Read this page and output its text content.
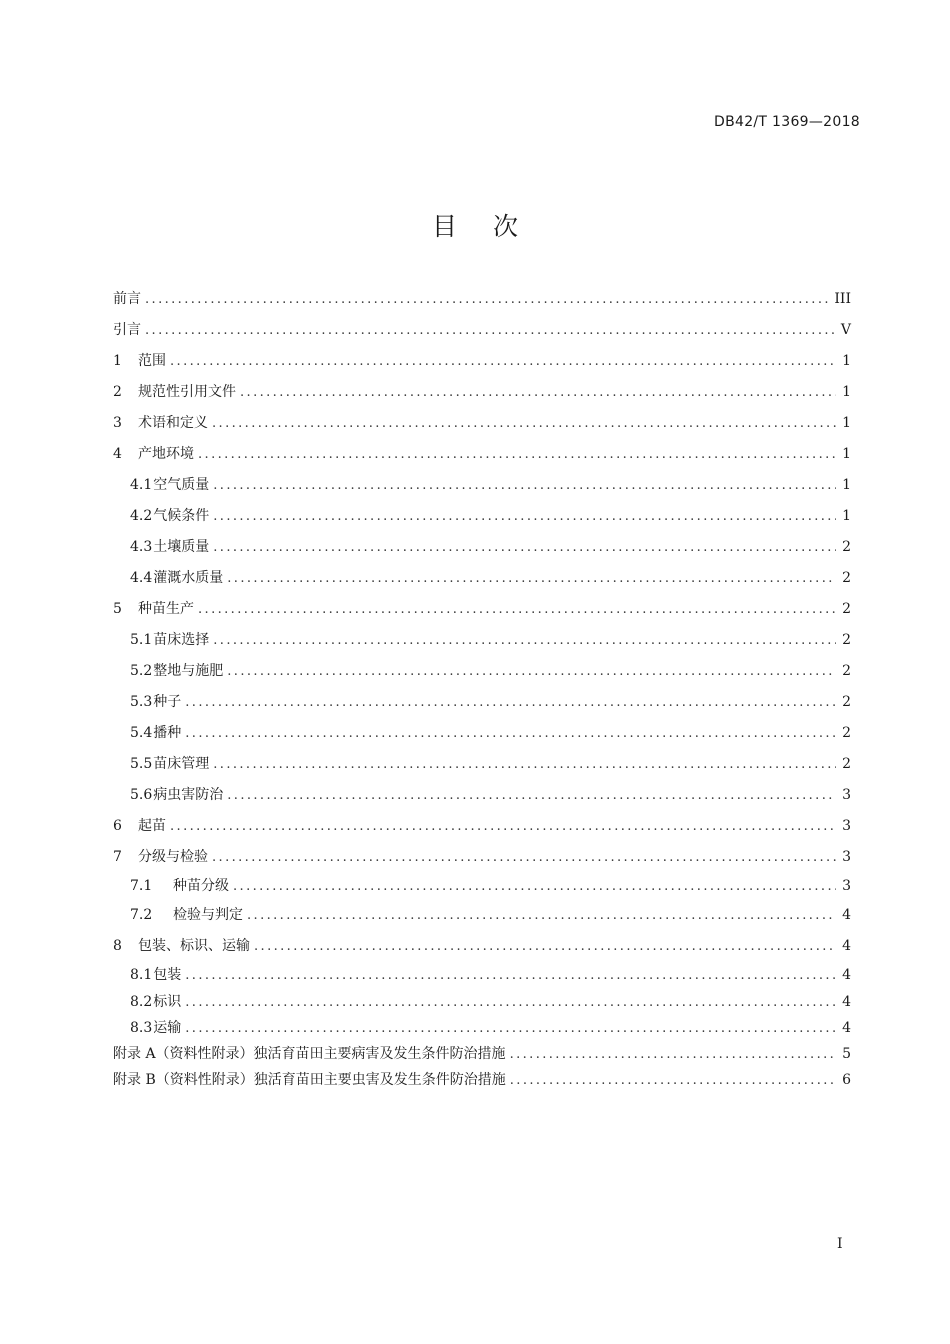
DB42/T 1369—2018
目次
前言 .....	III
引言 .....	V
1	范围 .....	1
2	规范性引用文件 .....	1
3	术语和定义 .....	1
4	产地环境 .....	1
4.1 空气质量 .....	1
4.2 气候条件 .....	1
4.3 土壤质量 .....	2
4.4 灌溉水质量 .....	2
5	种苗生产 .....	2
5.1 苗床选择 .....	2
5.2 整地与施肥 .....	2
5.3 种子 .....	2
5.4 播种 .....	2
5.5 苗床管理 .....	2
5.6 病虫害防治 .....	3
6	起苗 .....	3
7	分级与检验 .....	3
7.1	种苗分级 .....	3
7.2	检验与判定 .....	4
8	包装、标识、运输 .....	4
8.1 包装 .....	4
8.2 标识 .....	4
8.3 运输 .....	4
附录 A（资料性附录）独活育苗田主要病害及发生条件防治措施 .....	5
附录 B（资料性附录）独活育苗田主要虫害及发生条件防治措施 .....	6
I
